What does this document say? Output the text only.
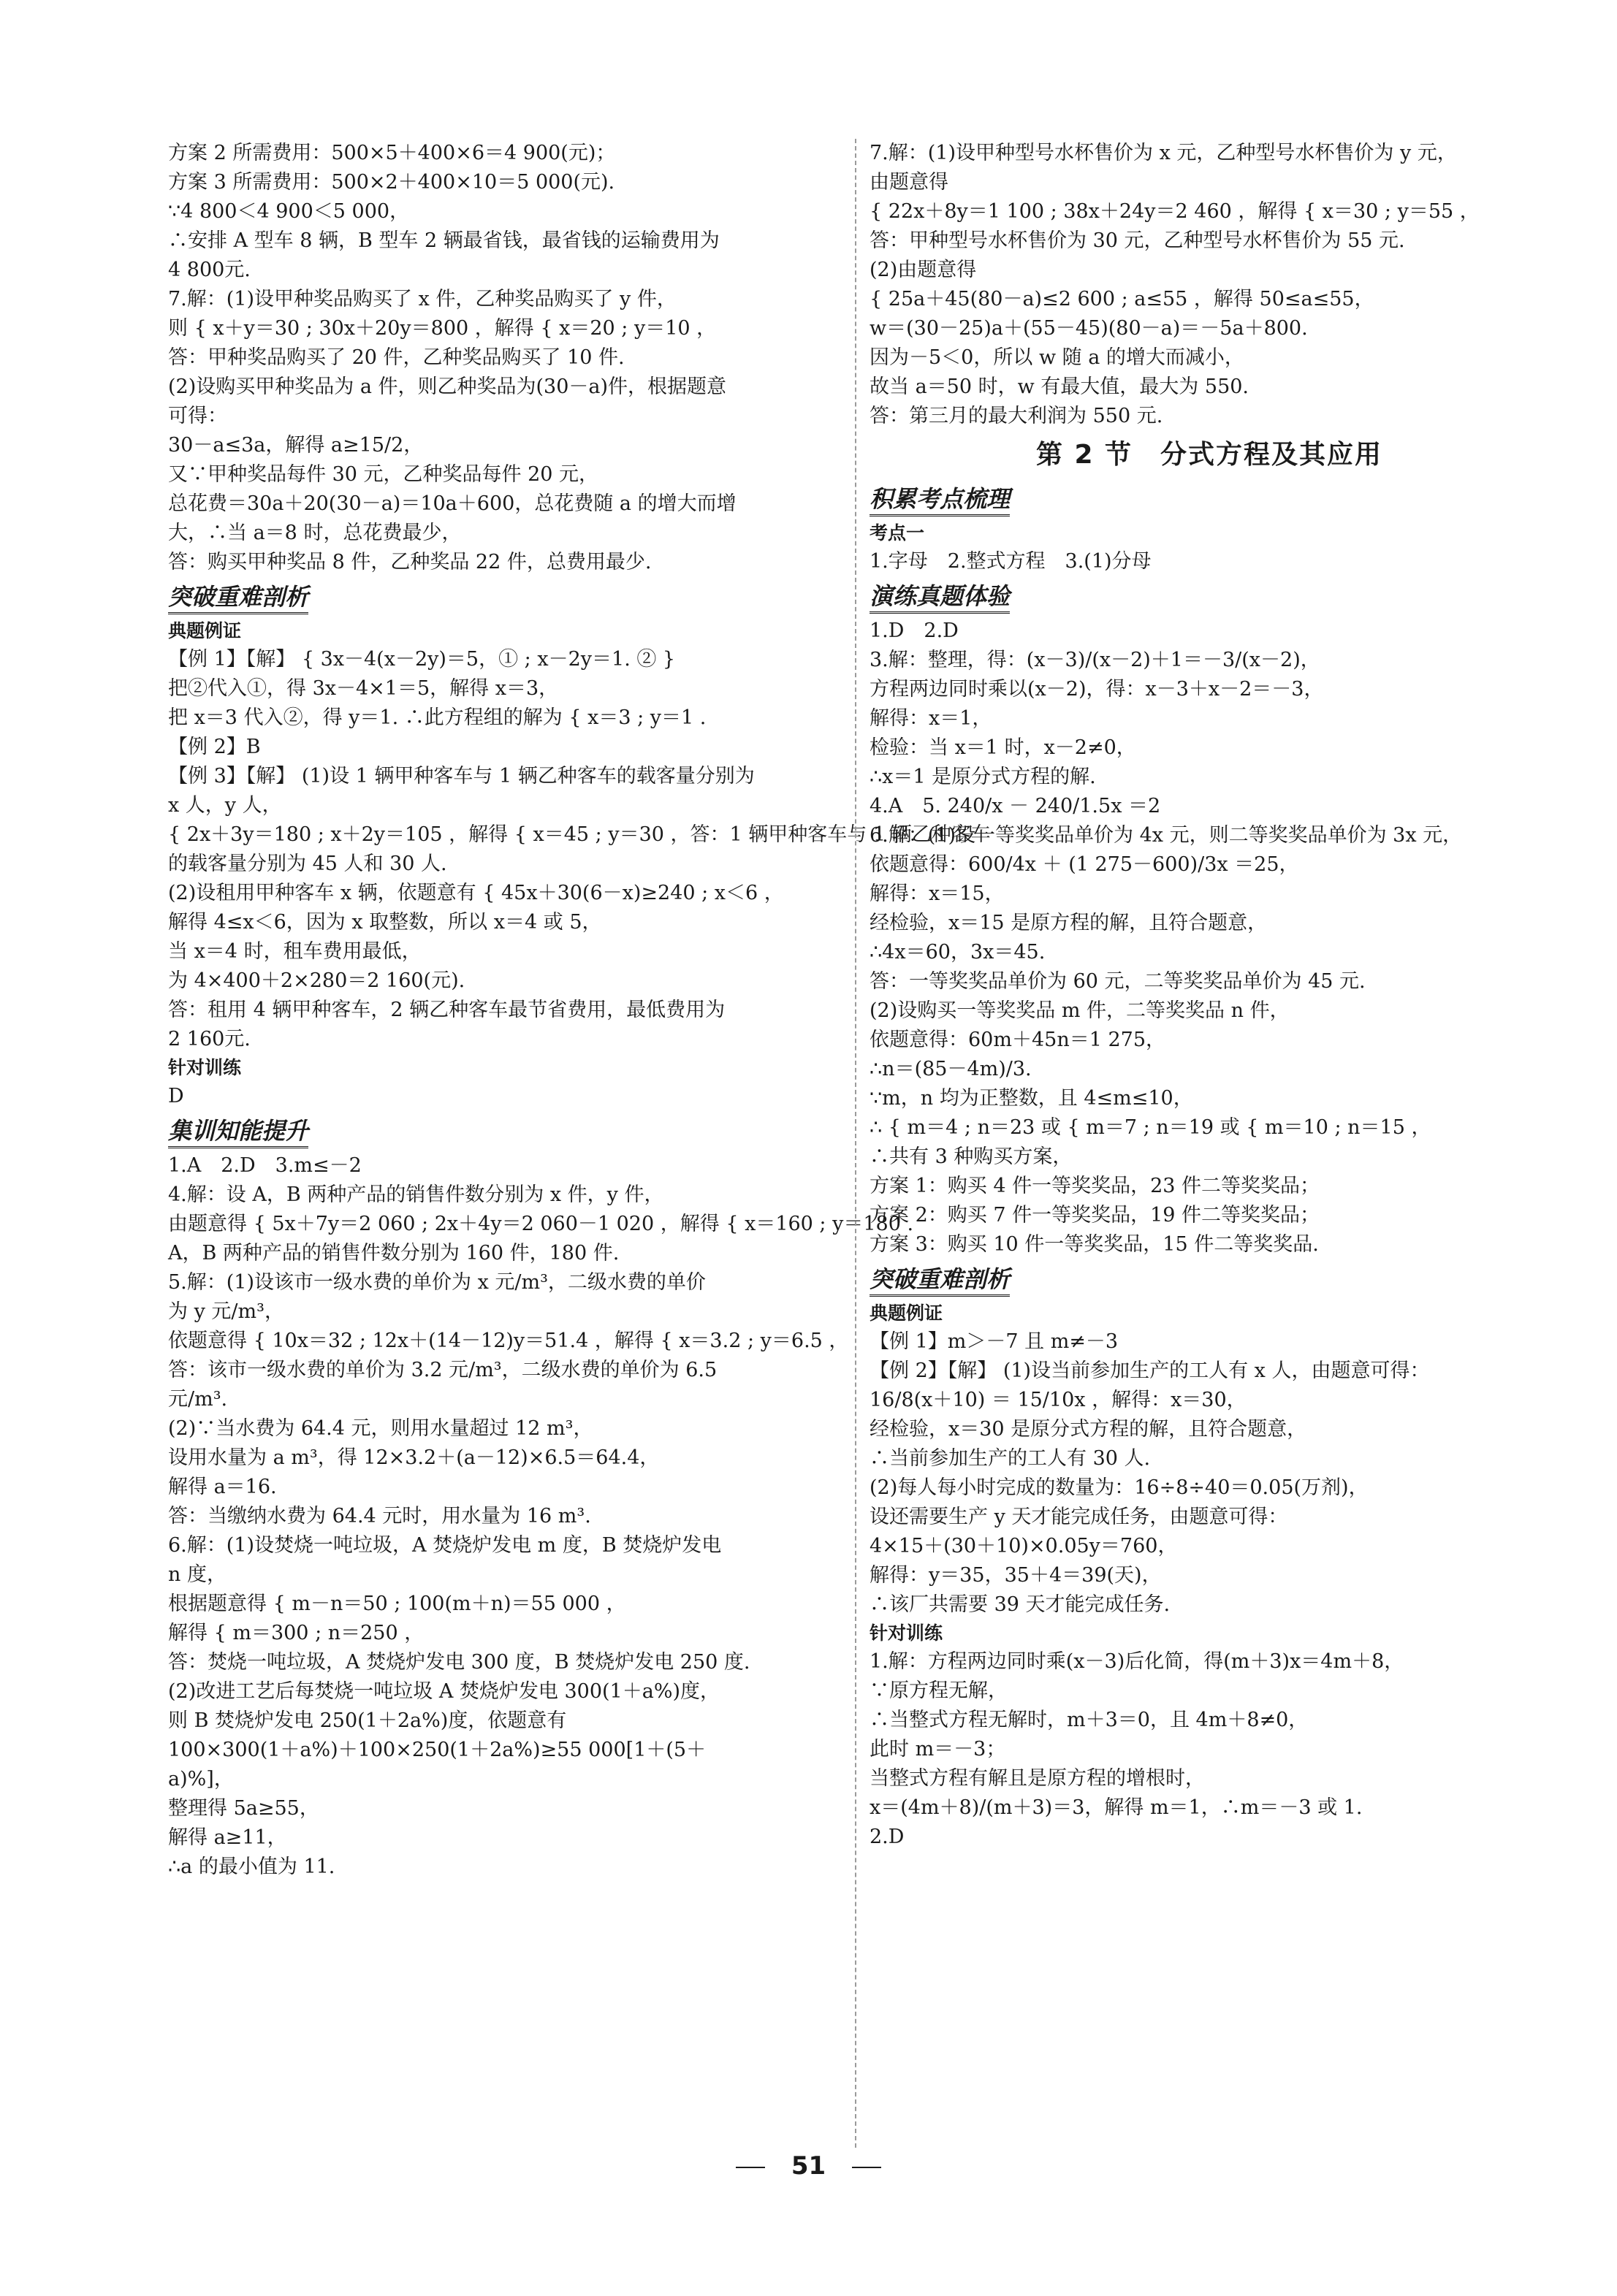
方案 2 所需费用：500×5＋400×6＝4 900(元)；
方案 3 所需费用：500×2＋400×10＝5 000(元).
∵4 800＜4 900＜5 000，
∴安排 A 型车 8 辆，B 型车 2 辆最省钱，最省钱的运输费用为
4 800元.
7.解：(1)设甲种奖品购买了 x 件，乙种奖品购买了 y 件，
则 { x＋y＝30 ; 30x＋20y＝800 ，解得 { x＝20 ; y＝10 ，
答：甲种奖品购买了 20 件，乙种奖品购买了 10 件.
(2)设购买甲种奖品为 a 件，则乙种奖品为(30－a)件，根据题意
可得：
30－a≤3a，解得 a≥15/2，
又∵甲种奖品每件 30 元，乙种奖品每件 20 元，
总花费＝30a＋20(30－a)＝10a＋600，总花费随 a 的增大而增
大，∴当 a＝8 时，总花费最少，
答：购买甲种奖品 8 件，乙种奖品 22 件，总费用最少.
突破重难剖析
典题例证
【例 1】【解】 { 3x－4(x－2y)＝5，① ; x－2y＝1. ② }
把②代入①，得 3x－4×1＝5，解得 x＝3，
把 x＝3 代入②，得 y＝1. ∴此方程组的解为 { x＝3 ; y＝1 .
【例 2】B
【例 3】【解】 (1)设 1 辆甲种客车与 1 辆乙种客车的载客量分别为
x 人，y 人，
{ 2x＋3y＝180 ; x＋2y＝105 ，解得 { x＝45 ; y＝30 ，答：1 辆甲种客车与 1 辆乙种客车
的载客量分别为 45 人和 30 人.
(2)设租用甲种客车 x 辆，依题意有 { 45x＋30(6－x)≥240 ; x＜6 ，
解得 4≤x＜6，因为 x 取整数，所以 x＝4 或 5，
当 x＝4 时，租车费用最低，
为 4×400＋2×280＝2 160(元).
答：租用 4 辆甲种客车，2 辆乙种客车最节省费用，最低费用为
2 160元.
针对训练
D
集训知能提升
1.A　2.D　3.m≤－2
4.解：设 A，B 两种产品的销售件数分别为 x 件，y 件，
由题意得 { 5x＋7y＝2 060 ; 2x＋4y＝2 060－1 020 ，解得 { x＝160 ; y＝180 .
A，B 两种产品的销售件数分别为 160 件，180 件.
5.解：(1)设该市一级水费的单价为 x 元/m³，二级水费的单价
为 y 元/m³，
依题意得 { 10x＝32 ; 12x＋(14－12)y＝51.4 ，解得 { x＝3.2 ; y＝6.5 ，
答：该市一级水费的单价为 3.2 元/m³，二级水费的单价为 6.5
元/m³.
(2)∵当水费为 64.4 元，则用水量超过 12 m³，
设用水量为 a m³，得 12×3.2＋(a－12)×6.5＝64.4，
解得 a＝16.
答：当缴纳水费为 64.4 元时，用水量为 16 m³.
6.解：(1)设焚烧一吨垃圾，A 焚烧炉发电 m 度，B 焚烧炉发电
n 度，
根据题意得 { m－n＝50 ; 100(m＋n)＝55 000 ，
解得 { m＝300 ; n＝250 ，
答：焚烧一吨垃圾，A 焚烧炉发电 300 度，B 焚烧炉发电 250 度.
(2)改进工艺后每焚烧一吨垃圾 A 焚烧炉发电 300(1＋a%)度，
则 B 焚烧炉发电 250(1＋2a%)度，依题意有
100×300(1＋a%)＋100×250(1＋2a%)≥55 000[1＋(5＋
a)%]，
整理得 5a≥55，
解得 a≥11，
∴a 的最小值为 11.
7.解：(1)设甲种型号水杯售价为 x 元，乙种型号水杯售价为 y 元，
由题意得
{ 22x＋8y＝1 100 ; 38x＋24y＝2 460 ，解得 { x＝30 ; y＝55 ，
答：甲种型号水杯售价为 30 元，乙种型号水杯售价为 55 元.
(2)由题意得
{ 25a＋45(80－a)≤2 600 ; a≤55 ，解得 50≤a≤55，
w＝(30－25)a＋(55－45)(80－a)＝－5a＋800.
因为－5＜0，所以 w 随 a 的增大而减小，
故当 a＝50 时，w 有最大值，最大为 550.
答：第三月的最大利润为 550 元.
第 2 节　分式方程及其应用
积累考点梳理
考点一
1.字母　2.整式方程　3.(1)分母
演练真题体验
1.D　2.D
3.解：整理，得：(x－3)/(x－2)＋1＝－3/(x－2)，
方程两边同时乘以(x－2)，得：x－3＋x－2＝－3，
解得：x＝1，
检验：当 x＝1 时，x－2≠0，
∴x＝1 是原分式方程的解.
4.A　5. 240/x － 240/1.5x ＝2
6.解：(1)设一等奖奖品单价为 4x 元，则二等奖奖品单价为 3x 元，
依题意得：600/4x ＋ (1 275－600)/3x ＝25，
解得：x＝15，
经检验，x＝15 是原方程的解，且符合题意，
∴4x＝60，3x＝45.
答：一等奖奖品单价为 60 元，二等奖奖品单价为 45 元.
(2)设购买一等奖奖品 m 件，二等奖奖品 n 件，
依题意得：60m＋45n＝1 275，
∴n＝(85－4m)/3.
∵m，n 均为正整数，且 4≤m≤10，
∴ { m＝4 ; n＝23 或 { m＝7 ; n＝19 或 { m＝10 ; n＝15 ，
∴共有 3 种购买方案，
方案 1：购买 4 件一等奖奖品，23 件二等奖奖品；
方案 2：购买 7 件一等奖奖品，19 件二等奖奖品；
方案 3：购买 10 件一等奖奖品，15 件二等奖奖品.
突破重难剖析
典题例证
【例 1】m＞－7 且 m≠－3
【例 2】【解】 (1)设当前参加生产的工人有 x 人，由题意可得：
16/8(x＋10) ＝ 15/10x ，解得：x＝30，
经检验，x＝30 是原分式方程的解，且符合题意，
∴当前参加生产的工人有 30 人.
(2)每人每小时完成的数量为：16÷8÷40＝0.05(万剂)，
设还需要生产 y 天才能完成任务，由题意可得：
4×15＋(30＋10)×0.05y＝760，
解得：y＝35，35＋4＝39(天)，
∴该厂共需要 39 天才能完成任务.
针对训练
1.解：方程两边同时乘(x－3)后化简，得(m＋3)x＝4m＋8，
∵原方程无解，
∴当整式方程无解时，m＋3＝0，且 4m＋8≠0，
此时 m＝－3；
当整式方程有解且是原方程的增根时，
x＝(4m＋8)/(m＋3)＝3，解得 m＝1，∴m＝－3 或 1.
2.D
51
